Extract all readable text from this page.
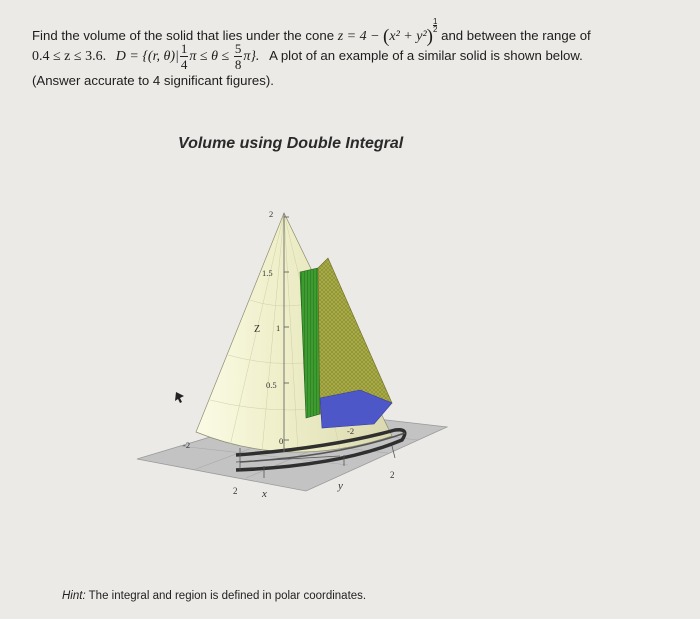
Find the volume of the solid that lies under the cone z = 4 − (x² + y²)
$\frac{1}{2}$
and between the range of
0.4 ≤ z ≤ 3.6. D = {(r, $\theta)| \frac{1}{4}$ $\pi \le \theta \le \frac{5}{8} \pi$}. A plot of an example of a similar solid is shown below.
(Answer accurate to 4 significant figures).
Volume using Double Integral
2
1.5
1
0.5
0
Z
-2
-2
2
2
x
y
Hint: The integral and region is defined in polar coordinates.
